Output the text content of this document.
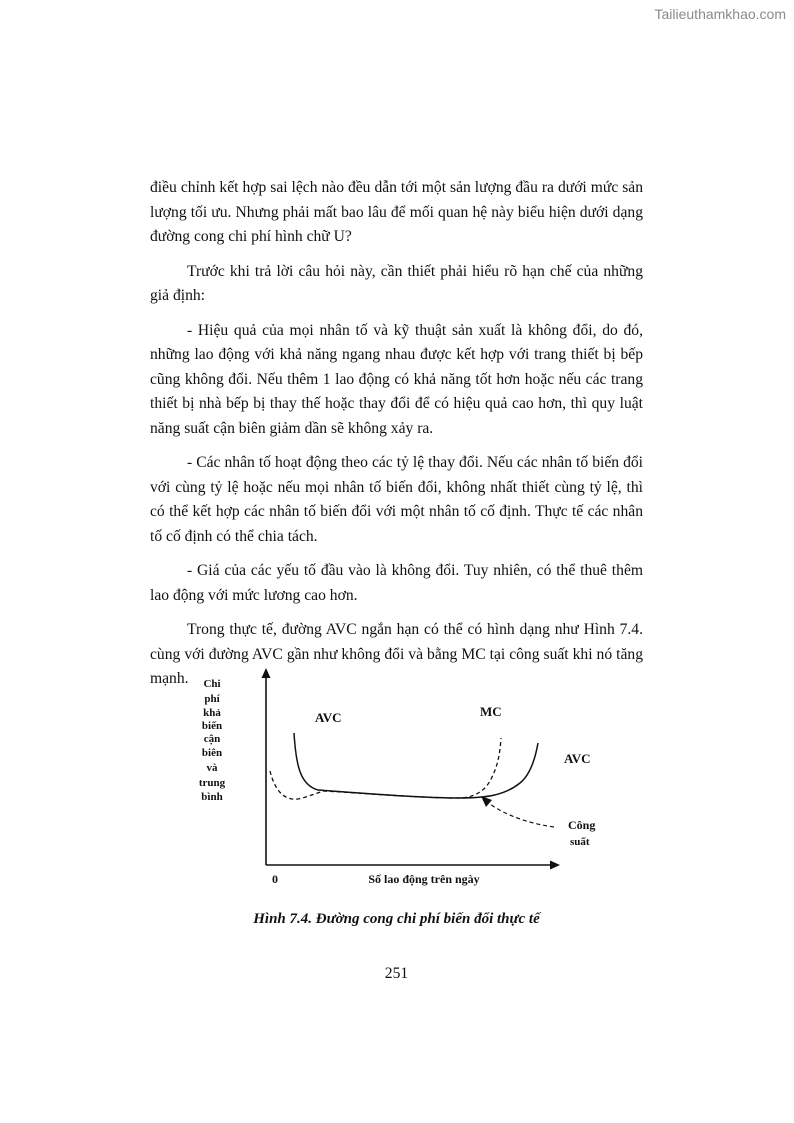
Tailieuthamkhao.com

điều chỉnh kết hợp sai lệch nào đều dẫn tới một sản lượng đầu ra dưới mức sản lượng tối ưu. Nhưng phải mất bao lâu để mối quan hệ này biểu hiện dưới dạng đường cong chi phí hình chữ U?

Trước khi trả lời câu hỏi này, cần thiết phải hiểu rõ hạn chế của những giả định:

- Hiệu quả của mọi nhân tố và kỹ thuật sản xuất là không đổi, do đó, những lao động với khả năng ngang nhau được kết hợp với trang thiết bị bếp cũng không đổi. Nếu thêm 1 lao động có khả năng tốt hơn hoặc nếu các trang thiết bị nhà bếp bị thay thế hoặc thay đổi để có hiệu quả cao hơn, thì quy luật năng suất cận biên giảm dần sẽ không xảy ra.

- Các nhân tố hoạt động theo các tỷ lệ thay đổi. Nếu các nhân tố biến đổi với cùng tỷ lệ hoặc nếu mọi nhân tố biến đổi, không nhất thiết cùng tỷ lệ, thì có thể kết hợp các nhân tố biến đổi với một nhân tố cố định. Thực tế các nhân tố cố định có thể chia tách.

- Giá của các yếu tố đầu vào là không đổi. Tuy nhiên, có thể thuê thêm lao động với mức lương cao hơn.

Trong thực tế, đường AVC ngắn hạn có thể có hình dạng như Hình 7.4. cùng với đường AVC gần như không đổi và bằng MC tại công suất khi nó tăng mạnh.	Chi
phí
khả
biến
cận
biên
và
trung
bình
0	Số lao động trên ngày
AVC	MC
AVC
Công
suất
Hình 7.4. Đường cong chi phí biến đổi thực tế
251
